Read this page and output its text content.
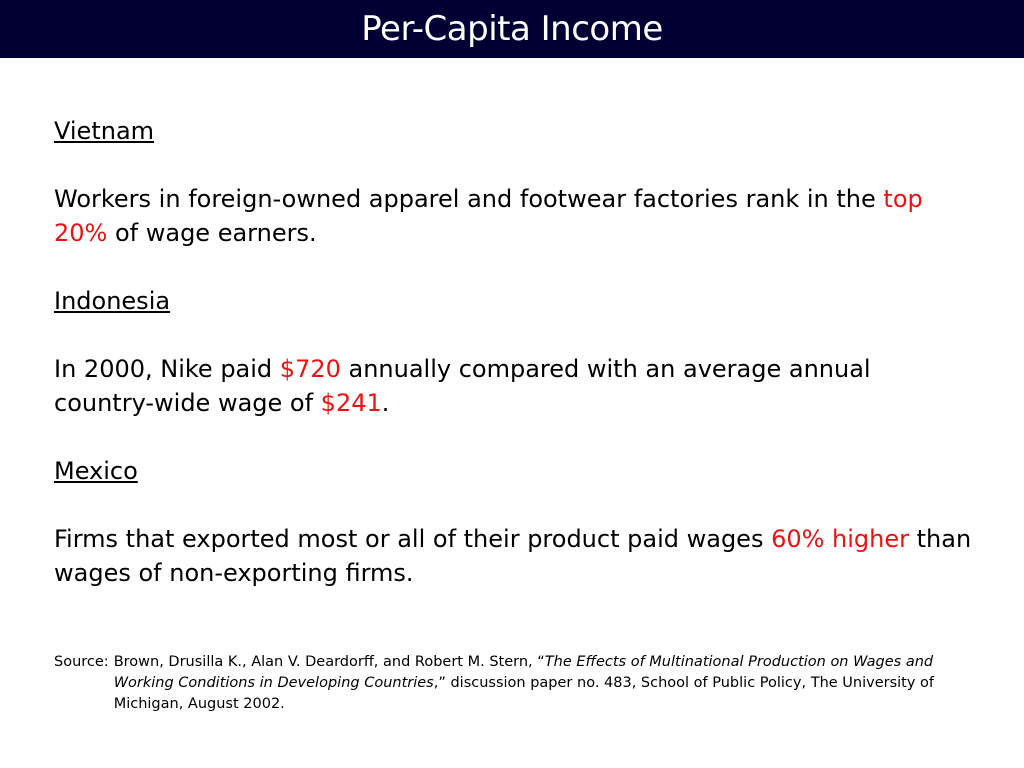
Per-Capita Income
Vietnam
Workers in foreign-owned apparel and footwear factories rank in the top 20% of wage earners.
Indonesia
In 2000, Nike paid $720 annually compared with an average annual country-wide wage of $241.
Mexico
Firms that exported most or all of their product paid wages 60% higher than wages of non-exporting firms.
Source: Brown, Drusilla K., Alan V. Deardorff, and Robert M. Stern, “The Effects of Multinational Production on Wages and Working Conditions in Developing Countries,” discussion paper no. 483, School of Public Policy, The University of Michigan, August 2002.
